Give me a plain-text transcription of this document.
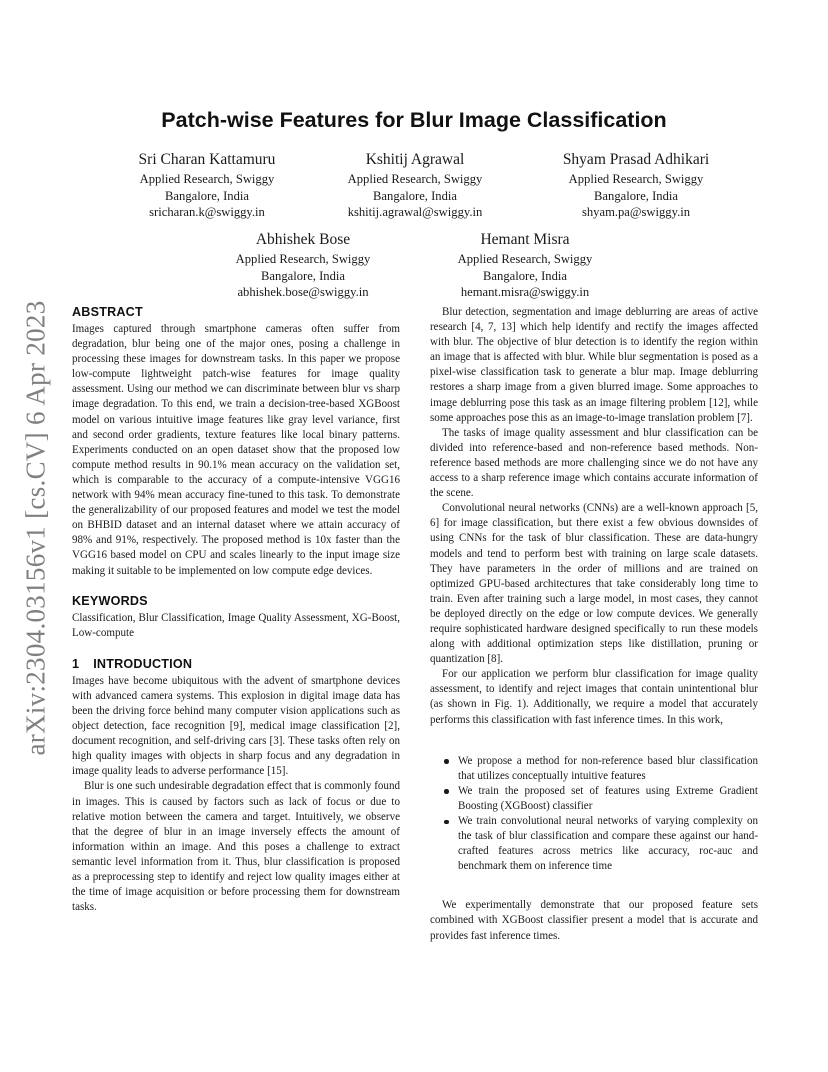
arXiv:2304.03156v1 [cs.CV] 6 Apr 2023
Patch-wise Features for Blur Image Classification
Sri Charan Kattamuru
Applied Research, Swiggy
Bangalore, India
sricharan.k@swiggy.in
Kshitij Agrawal
Applied Research, Swiggy
Bangalore, India
kshitij.agrawal@swiggy.in
Shyam Prasad Adhikari
Applied Research, Swiggy
Bangalore, India
shyam.pa@swiggy.in
Abhishek Bose
Applied Research, Swiggy
Bangalore, India
abhishek.bose@swiggy.in
Hemant Misra
Applied Research, Swiggy
Bangalore, India
hemant.misra@swiggy.in
ABSTRACT

Images captured through smartphone cameras often suffer from degradation, blur being one of the major ones, posing a challenge in processing these images for downstream tasks. In this paper we propose low-compute lightweight patch-wise features for image quality assessment. Using our method we can discriminate between blur vs sharp image degradation. To this end, we train a decision-tree-based XGBoost model on various intuitive image features like gray level variance, first and second order gradients, texture features like local binary patterns. Experiments conducted on an open dataset show that the proposed low compute method results in 90.1% mean accuracy on the validation set, which is comparable to the accuracy of a compute-intensive VGG16 network with 94% mean accuracy fine-tuned to this task. To demonstrate the generalizability of our proposed features and model we test the model on BHBID dataset and an internal dataset where we attain accuracy of 98% and 91%, respectively. The proposed method is 10x faster than the VGG16 based model on CPU and scales linearly to the input image size making it suitable to be implemented on low compute edge devices.

KEYWORDS

Classification, Blur Classification, Image Quality Assessment, XG-Boost, Low-compute

1 INTRODUCTION

Images have become ubiquitous with the advent of smartphone devices with advanced camera systems. This explosion in digital image data has been the driving force behind many computer vision applications such as object detection, face recognition [9], medical image classification [2], document recognition, and self-driving cars [3]. These tasks often rely on high quality images with objects in sharp focus and any degradation in image quality leads to adverse performance [15].

Blur is one such undesirable degradation effect that is commonly found in images. This is caused by factors such as lack of focus or due to relative motion between the camera and target. Intuitively, we observe that the degree of blur in an image inversely effects the amount of information within an image. And this poses a challenge to extract semantic level information from it. Thus, blur classification is proposed as a preprocessing step to identify and reject low quality images either at the time of image acquisition or before processing them for downstream tasks.

Blur detection, segmentation and image deblurring are areas of active research [4, 7, 13] which help identify and rectify the images affected with blur. The objective of blur detection is to identify the region within an image that is affected with blur. While blur segmentation is posed as a pixel-wise classification task to generate a blur map. Image deblurring restores a sharp image from a given blurred image. Some approaches to image deblurring pose this task as an image filtering problem [12], while some approaches pose this as an image-to-image translation problem [7].

The tasks of image quality assessment and blur classification can be divided into reference-based and non-reference based methods. Non-reference based methods are more challenging since we do not have any access to a sharp reference image which contains accurate information of the scene.

Convolutional neural networks (CNNs) are a well-known approach [5, 6] for image classification, but there exist a few obvious downsides of using CNNs for the task of blur classification. These are data-hungry models and tend to perform best with training on large scale datasets. They have parameters in the order of millions and are trained on optimized GPU-based architectures that take considerably long time to train. Even after training such a large model, in most cases, they cannot be deployed directly on the edge or low compute devices. We generally require sophisticated hardware designed specifically to run these models along with additional optimization steps like distillation, pruning or quantization [8].

For our application we perform blur classification for image quality assessment, to identify and reject images that contain unintentional blur (as shown in Fig. 1). Additionally, we require a model that accurately performs this classification with fast inference times. In this work,

We propose a method for non-reference based blur classification that utilizes conceptually intuitive features
We train the proposed set of features using Extreme Gradient Boosting (XGBoost) classifier
We train convolutional neural networks of varying complexity on the task of blur classification and compare these against our hand-crafted features across metrics like accuracy, roc-auc and benchmark them on inference time

We experimentally demonstrate that our proposed feature sets combined with XGBoost classifier present a model that is accurate and provides fast inference times.
